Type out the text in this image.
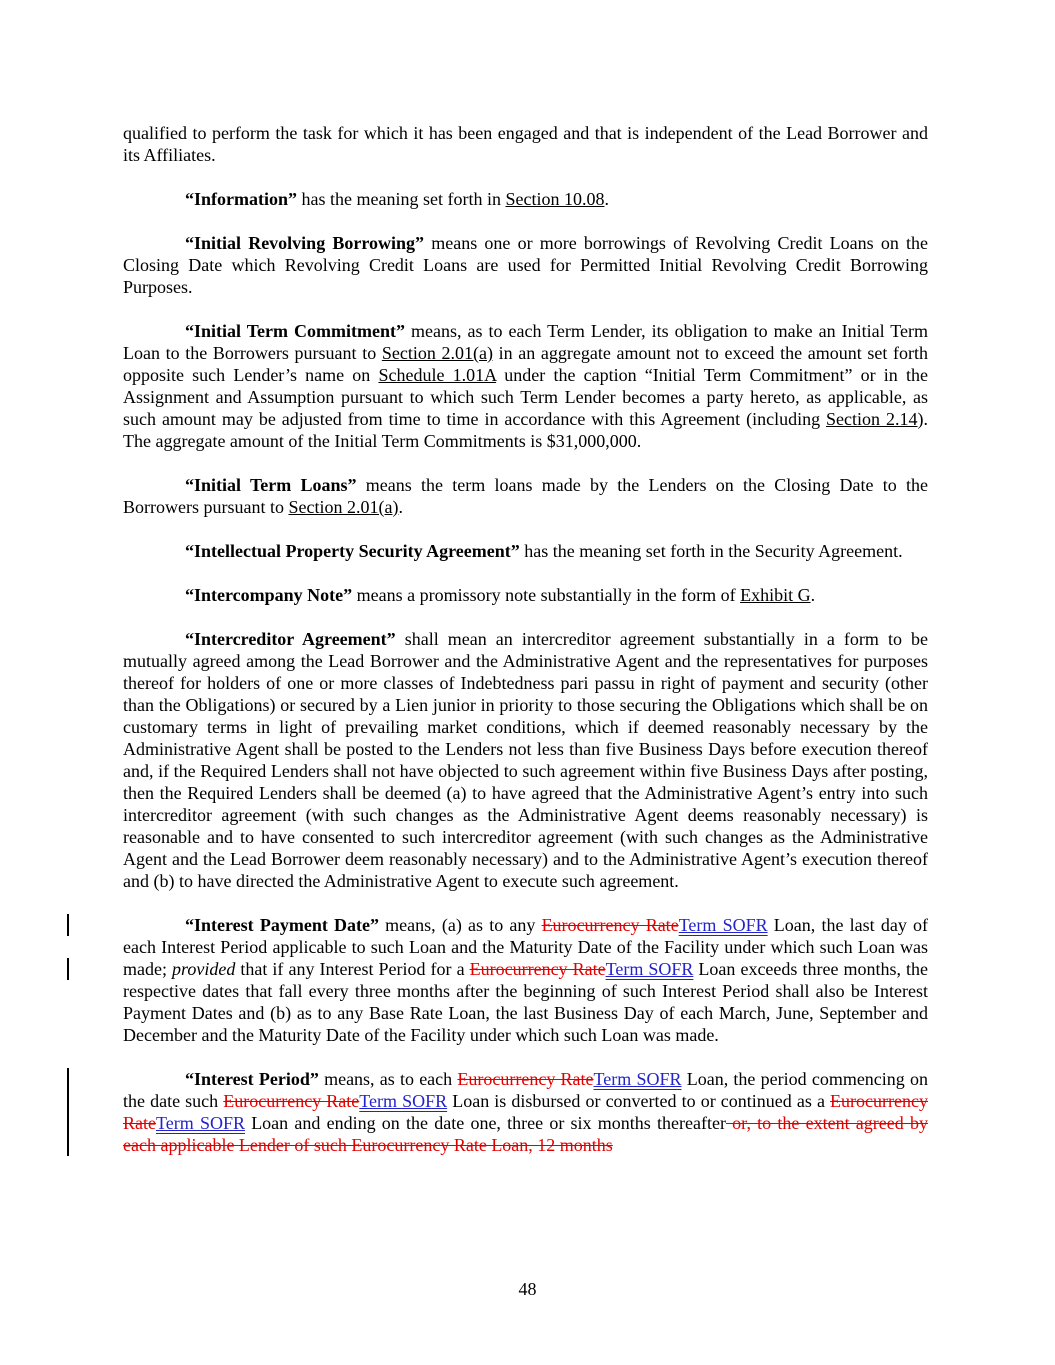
qualified to perform the task for which it has been engaged and that is independent of the Lead Borrower and its Affiliates.

“Information” has the meaning set forth in Section 10.08.

“Initial Revolving Borrowing” means one or more borrowings of Revolving Credit Loans on the Closing Date which Revolving Credit Loans are used for Permitted Initial Revolving Credit Borrowing Purposes.

“Initial Term Commitment” means, as to each Term Lender, its obligation to make an Initial Term Loan to the Borrowers pursuant to Section 2.01(a) in an aggregate amount not to exceed the amount set forth opposite such Lender’s name on Schedule 1.01A under the caption “Initial Term Commitment” or in the Assignment and Assumption pursuant to which such Term Lender becomes a party hereto, as applicable, as such amount may be adjusted from time to time in accordance with this Agreement (including Section 2.14). The aggregate amount of the Initial Term Commitments is $31,000,000.

“Initial Term Loans” means the term loans made by the Lenders on the Closing Date to the Borrowers pursuant to Section 2.01(a).

“Intellectual Property Security Agreement” has the meaning set forth in the Security Agreement.

“Intercompany Note” means a promissory note substantially in the form of Exhibit G.

“Intercreditor Agreement” shall mean an intercreditor agreement substantially in a form to be mutually agreed among the Lead Borrower and the Administrative Agent and the representatives for purposes thereof for holders of one or more classes of Indebtedness pari passu in right of payment and security (other than the Obligations) or secured by a Lien junior in priority to those securing the Obligations which shall be on customary terms in light of prevailing market conditions, which if deemed reasonably necessary by the Administrative Agent shall be posted to the Lenders not less than five Business Days before execution thereof and, if the Required Lenders shall not have objected to such agreement within five Business Days after posting, then the Required Lenders shall be deemed (a) to have agreed that the Administrative Agent’s entry into such intercreditor agreement (with such changes as the Administrative Agent deems reasonably necessary) is reasonable and to have consented to such intercreditor agreement (with such changes as the Administrative Agent and the Lead Borrower deem reasonably necessary) and to the Administrative Agent’s execution thereof and (b) to have directed the Administrative Agent to execute such agreement.

“Interest Payment Date” means, (a) as to any Eurocurrency RateTerm SOFR Loan, the last day of each Interest Period applicable to such Loan and the Maturity Date of the Facility under which such Loan was made; provided that if any Interest Period for a Eurocurrency RateTerm SOFR Loan exceeds three months, the respective dates that fall every three months after the beginning of such Interest Period shall also be Interest Payment Dates and (b) as to any Base Rate Loan, the last Business Day of each March, June, September and December and the Maturity Date of the Facility under which such Loan was made.

“Interest Period” means, as to each Eurocurrency RateTerm SOFR Loan, the period commencing on the date such Eurocurrency RateTerm SOFR Loan is disbursed or converted to or continued as a Eurocurrency RateTerm SOFR Loan and ending on the date one, three or six months thereafter or, to the extent agreed by each applicable Lender of such Eurocurrency Rate Loan, 12 months

48
